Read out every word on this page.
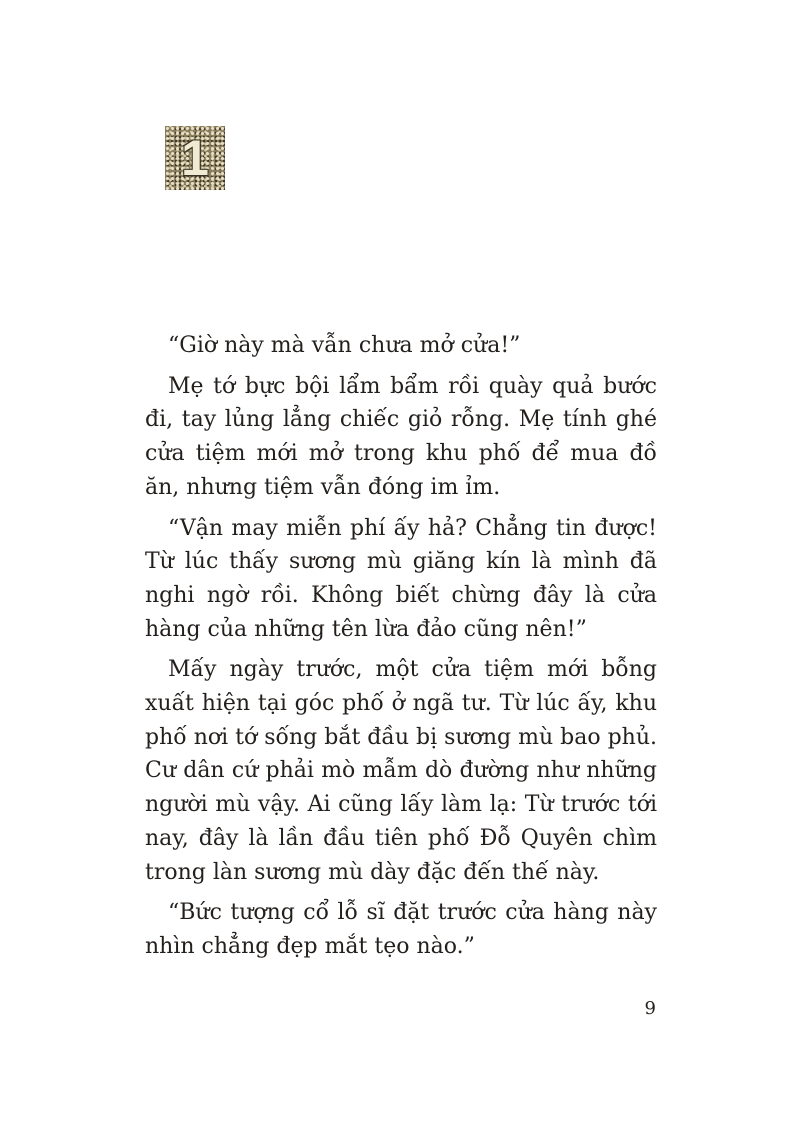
1

“Giờ này mà vẫn chưa mở cửa!”

Mẹ tớ bực bội lẩm bẩm rồi quày quả bước đi, tay lủng lẳng chiếc giỏ rỗng. Mẹ tính ghé cửa tiệm mới mở trong khu phố để mua đồ ăn, nhưng tiệm vẫn đóng im ỉm.

“Vận may miễn phí ấy hả? Chẳng tin được! Từ lúc thấy sương mù giăng kín là mình đã nghi ngờ rồi. Không biết chừng đây là cửa hàng của những tên lừa đảo cũng nên!”

Mấy ngày trước, một cửa tiệm mới bỗng xuất hiện tại góc phố ở ngã tư. Từ lúc ấy, khu phố nơi tớ sống bắt đầu bị sương mù bao phủ. Cư dân cứ phải mò mẫm dò đường như những người mù vậy. Ai cũng lấy làm lạ: Từ trước tới nay, đây là lần đầu tiên phố Đỗ Quyên chìm trong làn sương mù dày đặc đến thế này.

“Bức tượng cổ lỗ sĩ đặt trước cửa hàng này nhìn chẳng đẹp mắt tẹo nào.”

9
